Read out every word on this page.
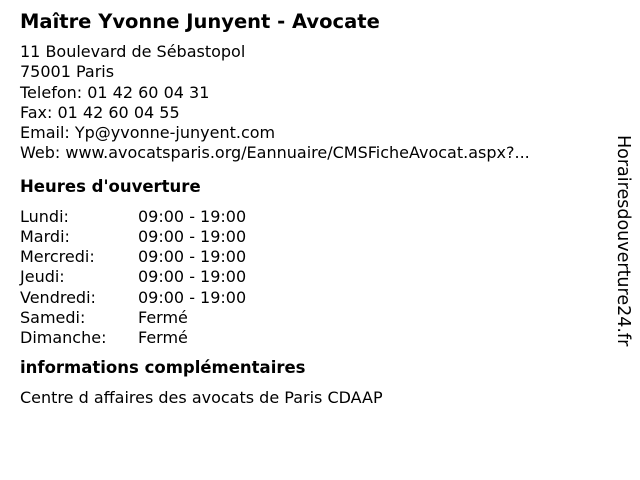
Maître Yvonne Junyent - Avocate
11 Boulevard de Sébastopol
75001 Paris
Telefon: 01 42 60 04 31
Fax: 01 42 60 04 55
Email: Yp@yvonne-junyent.com
Web: www.avocatsparis.org/Eannuaire/CMSFicheAvocat.aspx?...
Heures d'ouverture
Lundi:	09:00 - 19:00
Mardi:	09:00 - 19:00
Mercredi:	09:00 - 19:00
Jeudi:	09:00 - 19:00
Vendredi:	09:00 - 19:00
Samedi:	Fermé
Dimanche:	Fermé
informations complémentaires
Centre d affaires des avocats de Paris CDAAP
Horairesdouverture24.fr
